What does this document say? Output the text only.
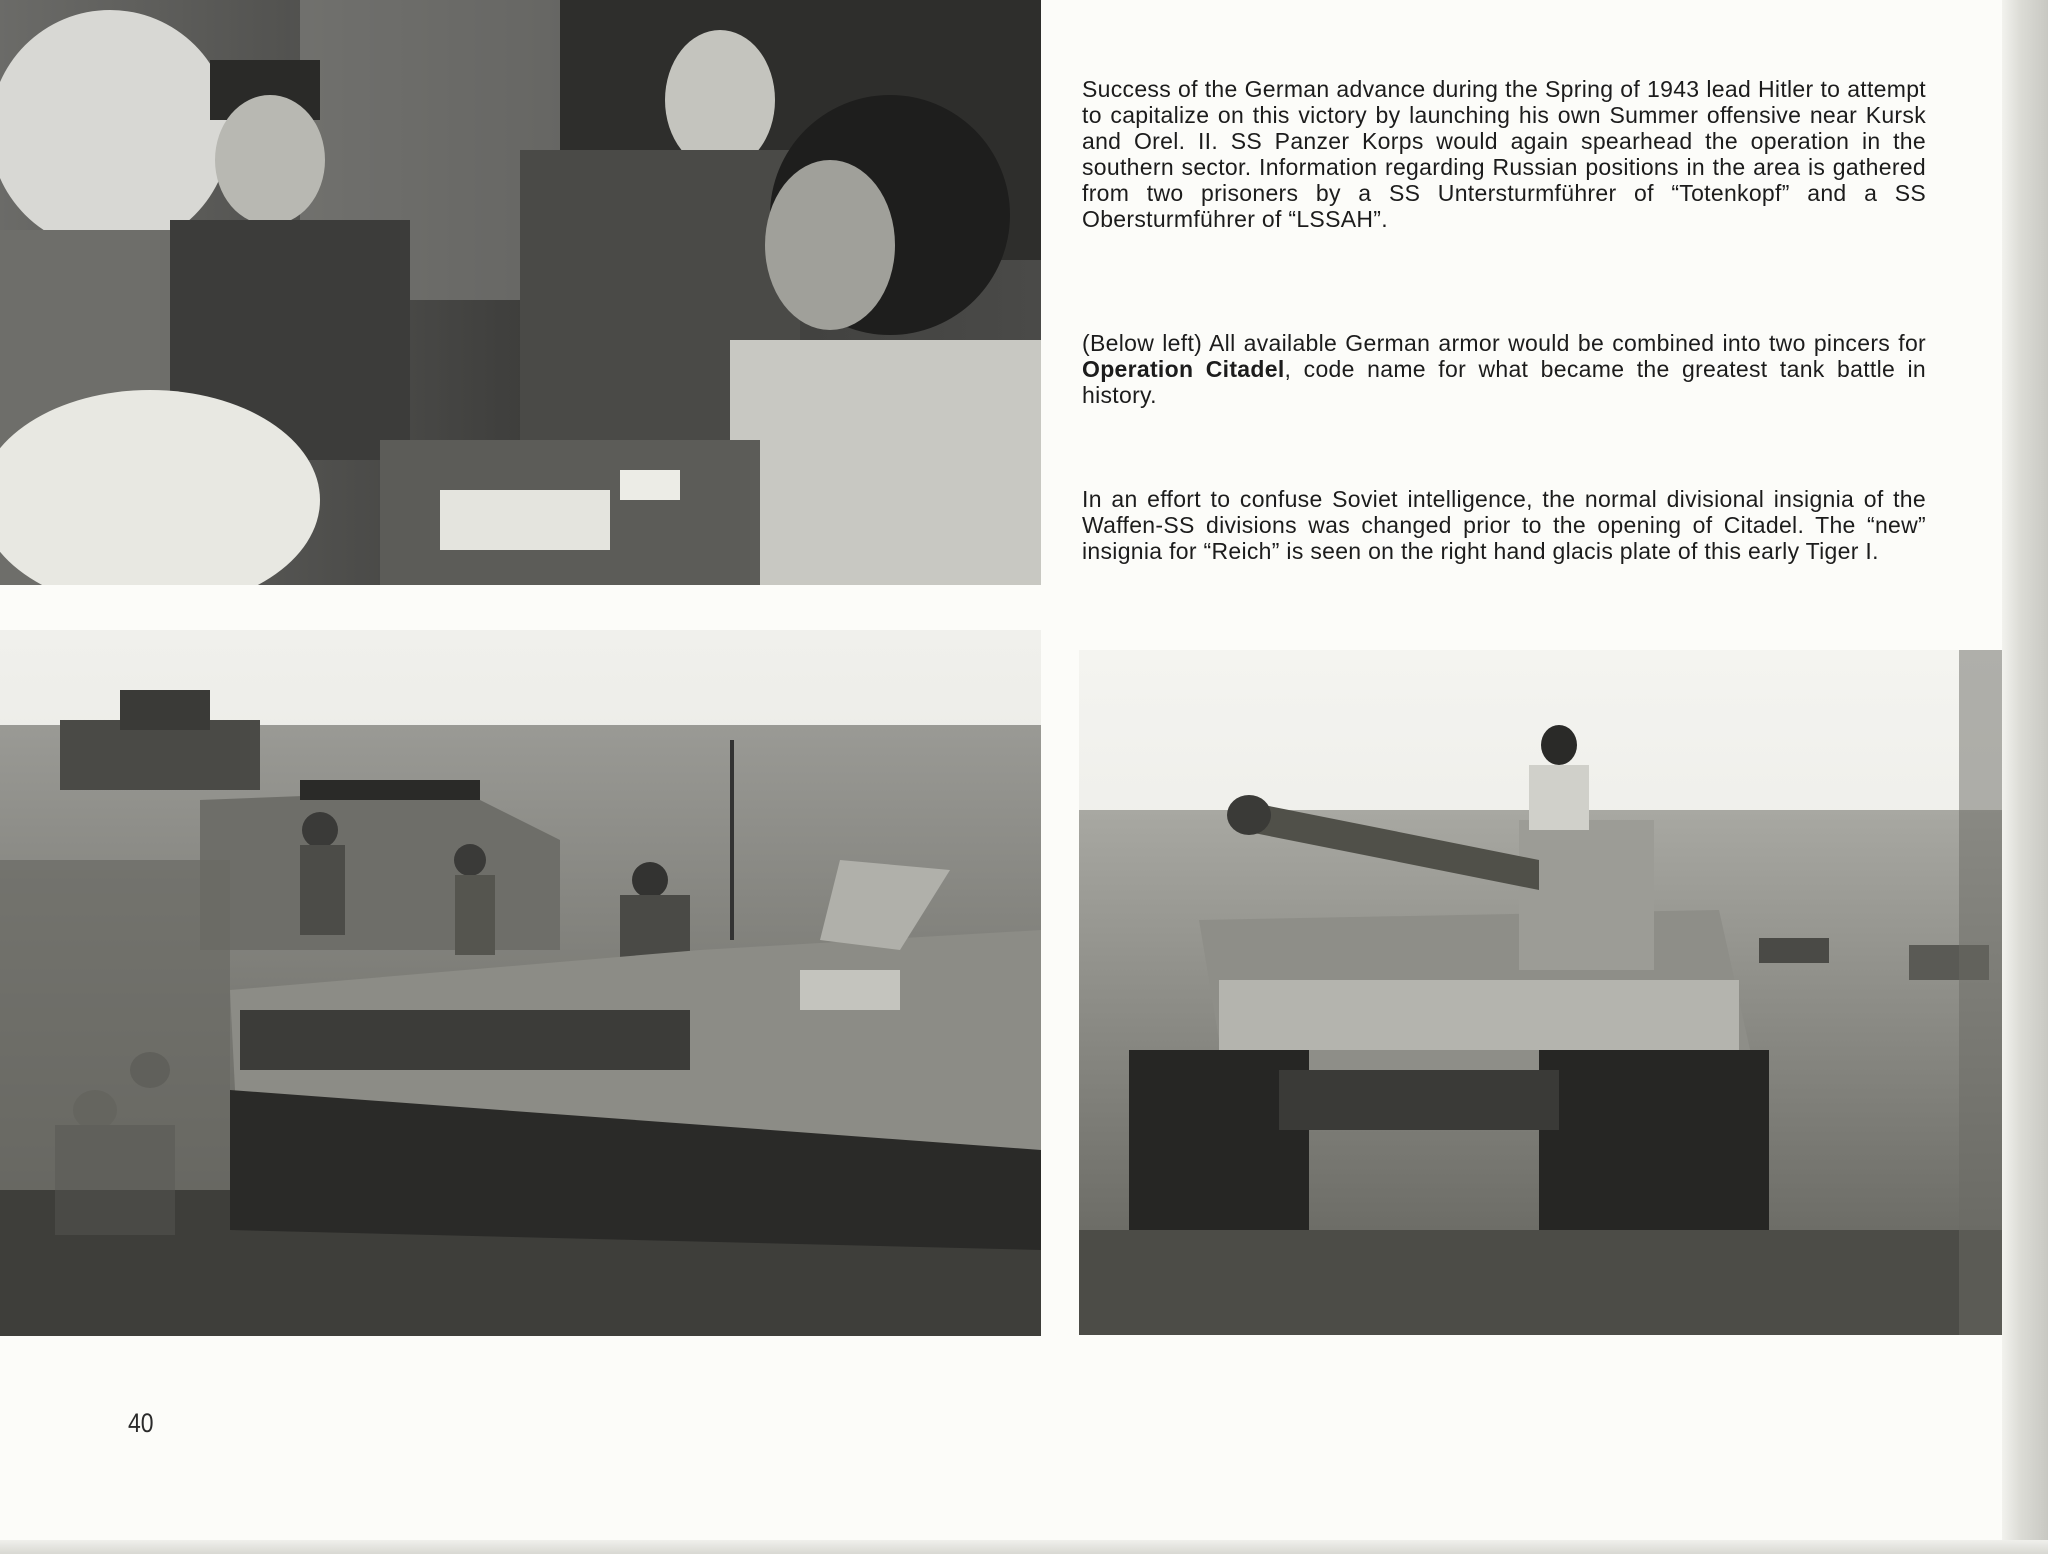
Success of the German advance during the Spring of 1943 lead Hitler to attempt to capitalize on this victory by launching his own Summer offensive near Kursk and Orel. II. SS Panzer Korps would again spearhead the operation in the southern sector. Information regarding Russian positions in the area is gathered from two prisoners by a SS Untersturmführer of “Totenkopf” and a SS Obersturmführer of “LSSAH”.
(Below left) All available German armor would be combined into two pincers for Operation Citadel, code name for what became the greatest tank battle in history.
In an effort to confuse Soviet intelligence, the normal divisional insignia of the Waffen-SS divisions was changed prior to the opening of Citadel. The “new” insignia for “Reich” is seen on the right hand glacis plate of this early Tiger I.
40
